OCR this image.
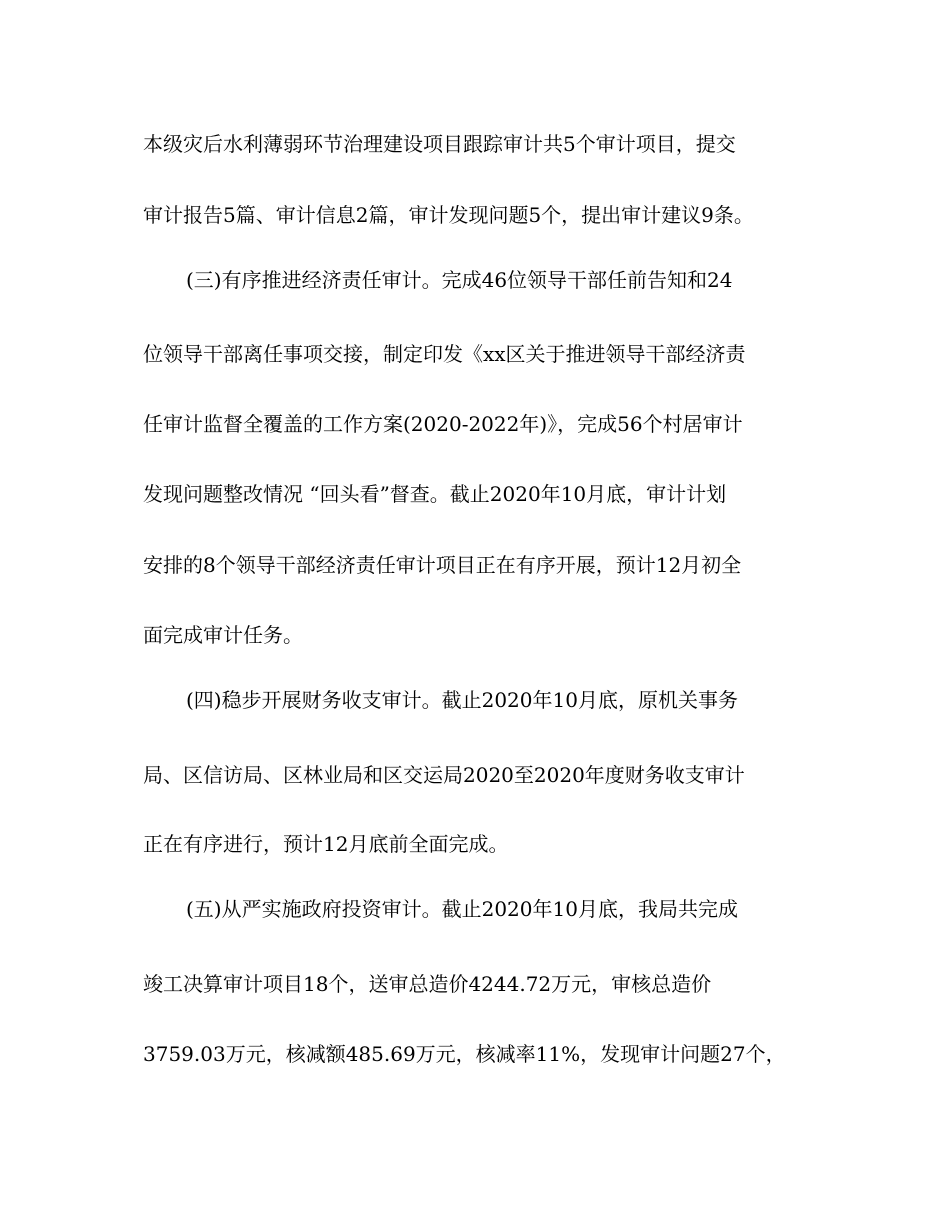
本级灾后水利薄弱环节治理建设项目跟踪审计共5个审计项目，提交
审计报告5篇、审计信息2篇，审计发现问题5个，提出审计建议9条。
(三)有序推进经济责任审计。完成46位领导干部任前告知和24
位领导干部离任事项交接，制定印发《xx区关于推进领导干部经济责
任审计监督全覆盖的工作方案(2020-2022年)》，完成56个村居审计
发现问题整改情况 “回头看”督查。截止2020年10月底，审计计划
安排的8个领导干部经济责任审计项目正在有序开展，预计12月初全
面完成审计任务。
(四)稳步开展财务收支审计。截止2020年10月底，原机关事务
局、区信访局、区林业局和区交运局2020至2020年度财务收支审计
正在有序进行，预计12月底前全面完成。
(五)从严实施政府投资审计。截止2020年10月底，我局共完成
竣工决算审计项目18个，送审总造价4244.72万元，审核总造价
3759.03万元，核减额485.69万元，核减率11%，发现审计问题27个，
